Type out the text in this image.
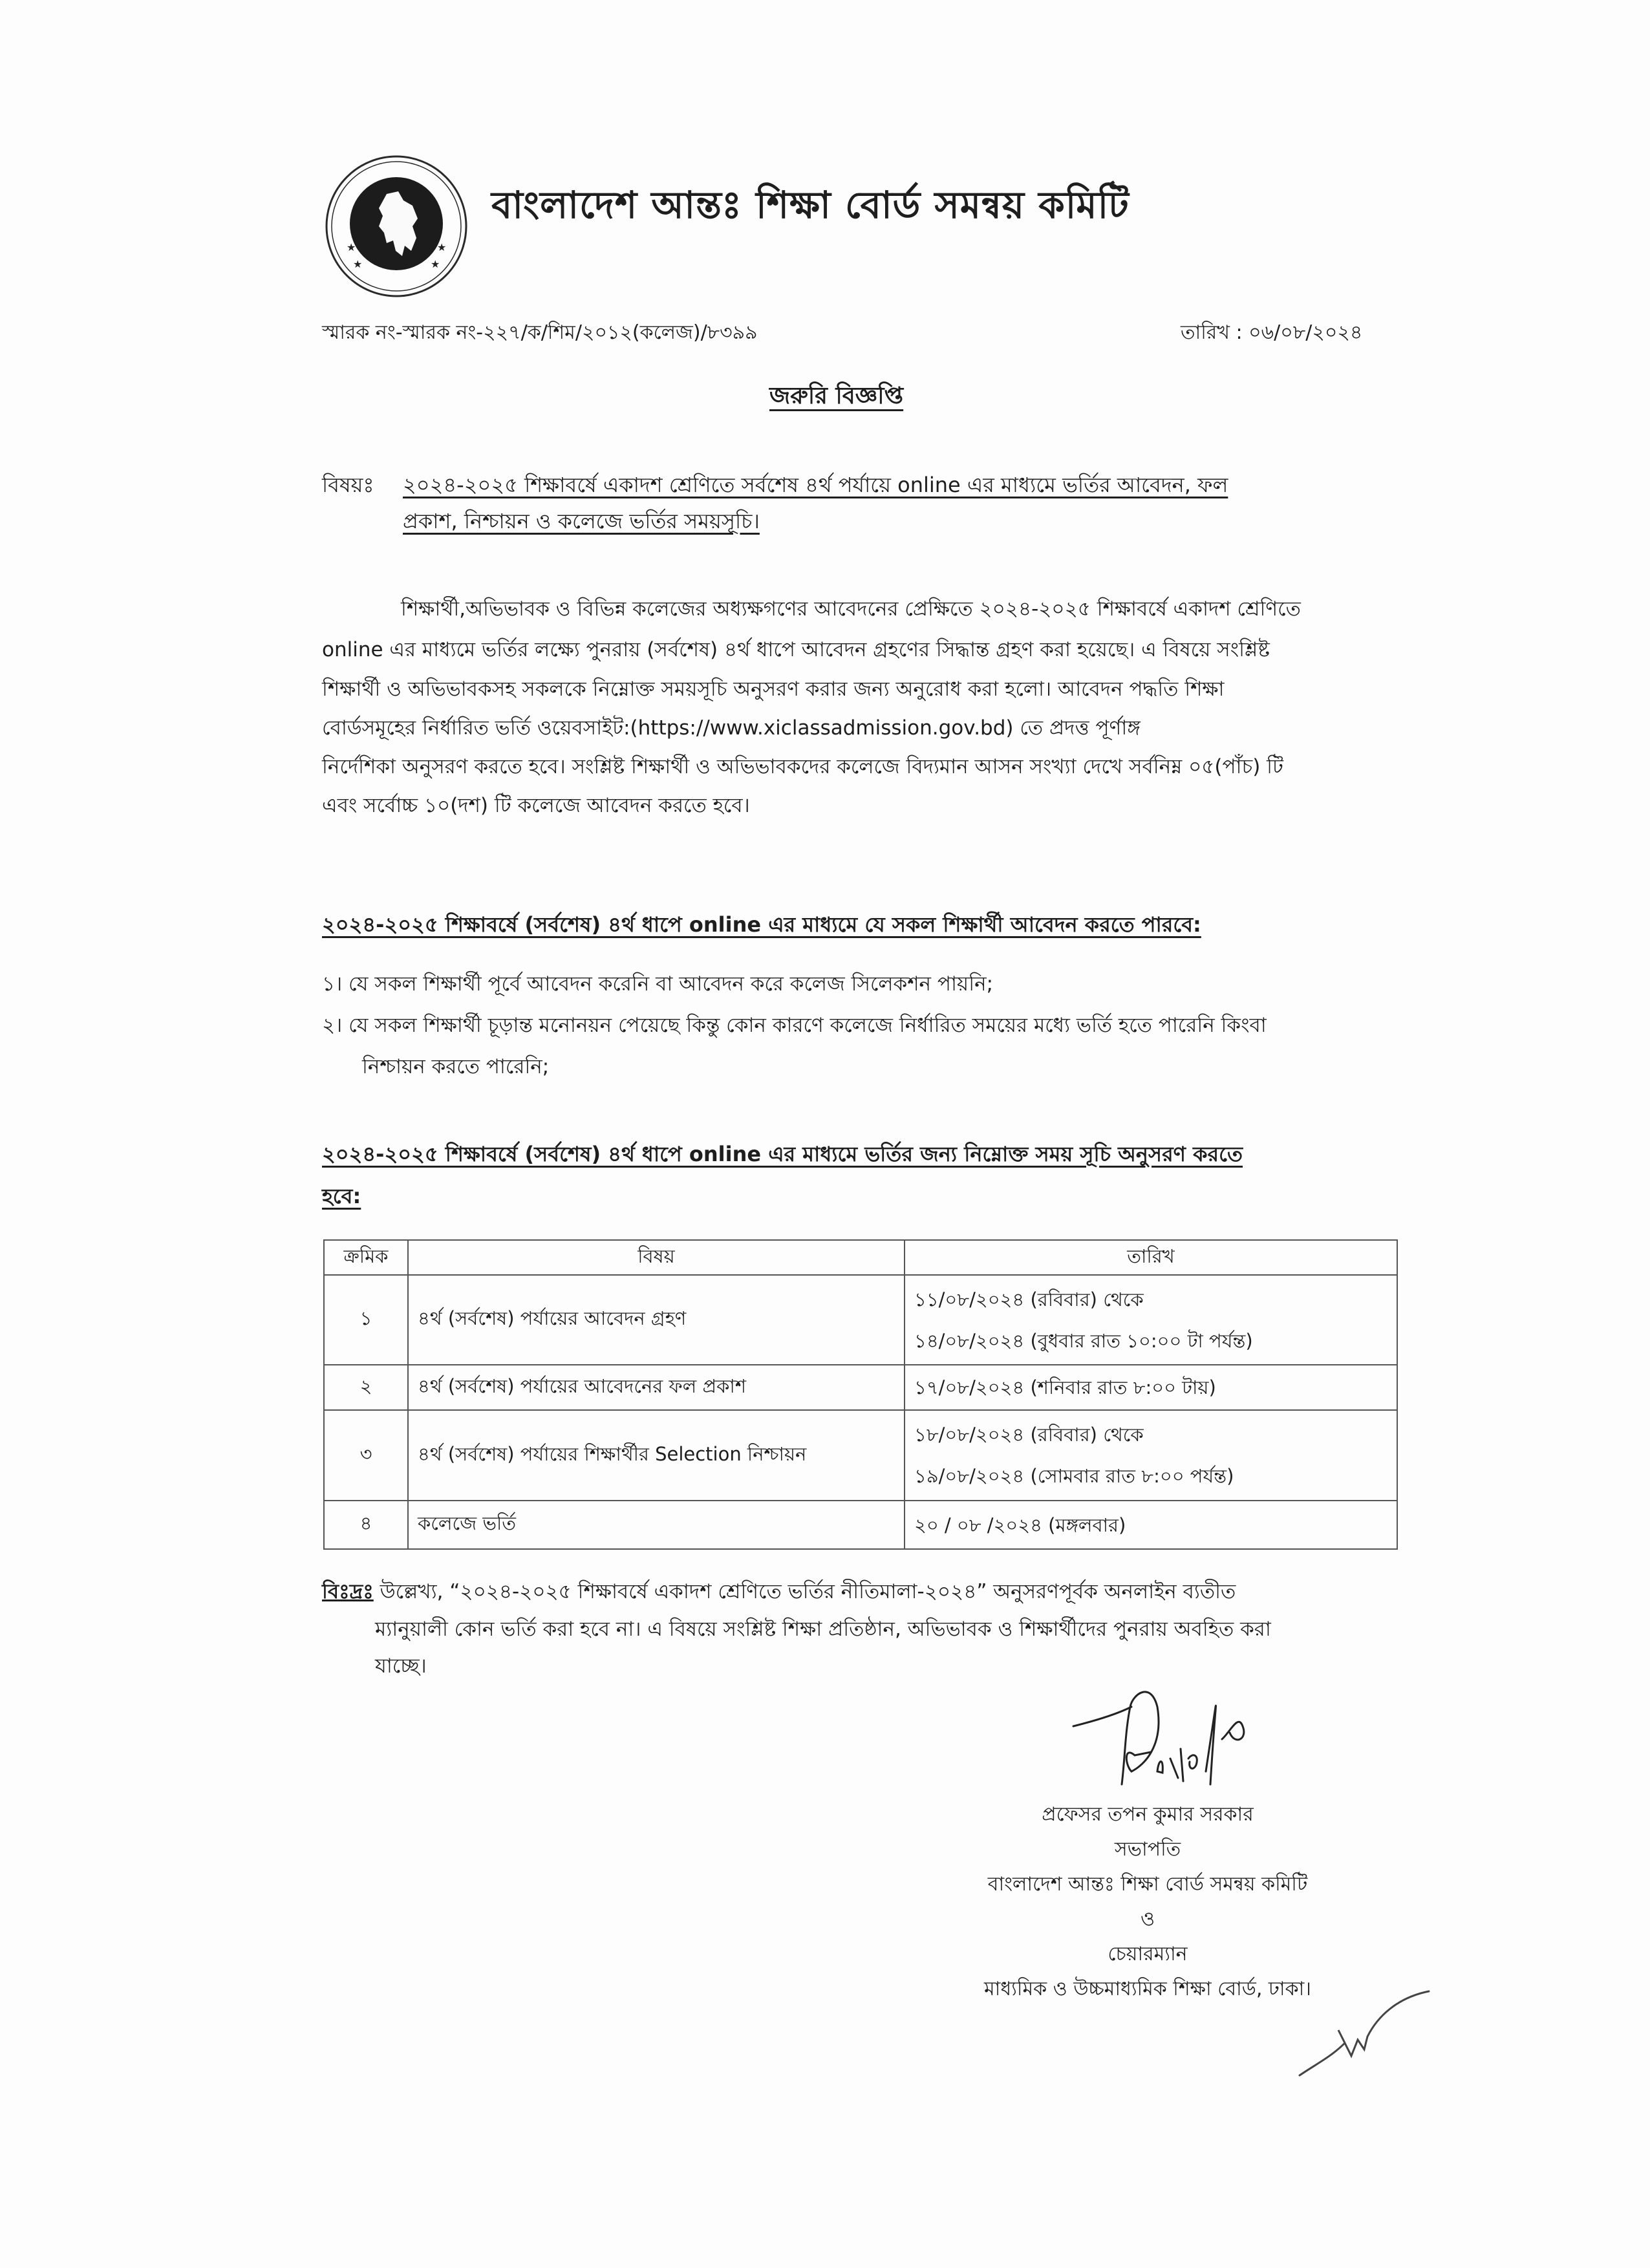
★
★
★
★
বাংলাদেশ আন্তঃ শিক্ষা বোর্ড সমন্বয় কমিটি
স্মারক নং-স্মারক নং-২২৭/ক/শিম/২০১২(কলেজ)/৮৩৯৯	তারিখ : ০৬/০৮/২০২৪
জরুরি বিজ্ঞপ্তি
বিষয়ঃ ২০২৪-২০২৫ শিক্ষাবর্ষে একাদশ শ্রেণিতে সর্বশেষ ৪র্থ পর্যায়ে online এর মাধ্যমে ভর্তির আবেদন, ফল
প্রকাশ, নিশ্চায়ন ও কলেজে ভর্তির সময়সূচি।
শিক্ষার্থী,অভিভাবক ও বিভিন্ন কলেজের অধ্যক্ষগণের আবেদনের প্রেক্ষিতে ২০২৪-২০২৫ শিক্ষাবর্ষে একাদশ শ্রেণিতে
online এর মাধ্যমে ভর্তির লক্ষ্যে পুনরায় (সর্বশেষ) ৪র্থ ধাপে আবেদন গ্রহণের সিদ্ধান্ত গ্রহণ করা হয়েছে। এ বিষয়ে সংশ্লিষ্ট
শিক্ষার্থী ও অভিভাবকসহ সকলকে নিম্নোক্ত সময়সূচি অনুসরণ করার জন্য অনুরোধ করা হলো। আবেদন পদ্ধতি শিক্ষা
বোর্ডসমূহের নির্ধারিত ভর্তি ওয়েবসাইট:(https://www.xiclassadmission.gov.bd) তে প্রদত্ত পূর্ণাঙ্গ
নির্দেশিকা অনুসরণ করতে হবে। সংশ্লিষ্ট শিক্ষার্থী ও অভিভাবকদের কলেজে বিদ্যমান আসন সংখ্যা দেখে সর্বনিম্ন ০৫(পাঁচ) টি
এবং সর্বোচ্চ ১০(দশ) টি কলেজে আবেদন করতে হবে।
২০২৪-২০২৫ শিক্ষাবর্ষে (সর্বশেষ) ৪র্থ ধাপে online এর মাধ্যমে যে সকল শিক্ষার্থী আবেদন করতে পারবে:
১। যে সকল শিক্ষার্থী পূর্বে আবেদন করেনি বা আবেদন করে কলেজ সিলেকশন পায়নি;
২। যে সকল শিক্ষার্থী চূড়ান্ত মনোনয়ন পেয়েছে কিন্তু কোন কারণে কলেজে নির্ধারিত সময়ের মধ্যে ভর্তি হতে পারেনি কিংবা
নিশ্চায়ন করতে পারেনি;
২০২৪-২০২৫ শিক্ষাবর্ষে (সর্বশেষ) ৪র্থ ধাপে online এর মাধ্যমে ভর্তির জন্য নিম্নোক্ত সময় সূচি অনুসরণ করতে
হবে:
ক্রমিক	বিষয়	তারিখ
১	৪র্থ (সর্বশেষ) পর্যায়ের আবেদন গ্রহণ	১১/০৮/২০২৪ (রবিবার) থেকে
১৪/০৮/২০২৪ (বুধবার রাত ১০:০০ টা পর্যন্ত)

২	৪র্থ (সর্বশেষ) পর্যায়ের আবেদনের ফল প্রকাশ	১৭/০৮/২০২৪ (শনিবার রাত ৮:০০ টায়)

৩	৪র্থ (সর্বশেষ) পর্যায়ের শিক্ষার্থীর Selection নিশ্চায়ন	১৮/০৮/২০২৪ (রবিবার) থেকে
১৯/০৮/২০২৪ (সোমবার রাত ৮:০০ পর্যন্ত)

৪	কলেজে ভর্তি	২০ / ০৮ /২০২৪ (মঙ্গলবার)
বিঃদ্রঃ উল্লেখ্য, “২০২৪-২০২৫ শিক্ষাবর্ষে একাদশ শ্রেণিতে ভর্তির নীতিমালা-২০২৪” অনুসরণপূর্বক অনলাইন ব্যতীত
ম্যানুয়ালী কোন ভর্তি করা হবে না। এ বিষয়ে সংশ্লিষ্ট শিক্ষা প্রতিষ্ঠান, অভিভাবক ও শিক্ষার্থীদের পুনরায় অবহিত করা
যাচ্ছে।
প্রফেসর তপন কুমার সরকার
সভাপতি
বাংলাদেশ আন্তঃ শিক্ষা বোর্ড সমন্বয় কমিটি
ও
চেয়ারম্যান
মাধ্যমিক ও উচ্চমাধ্যমিক শিক্ষা বোর্ড, ঢাকা।
